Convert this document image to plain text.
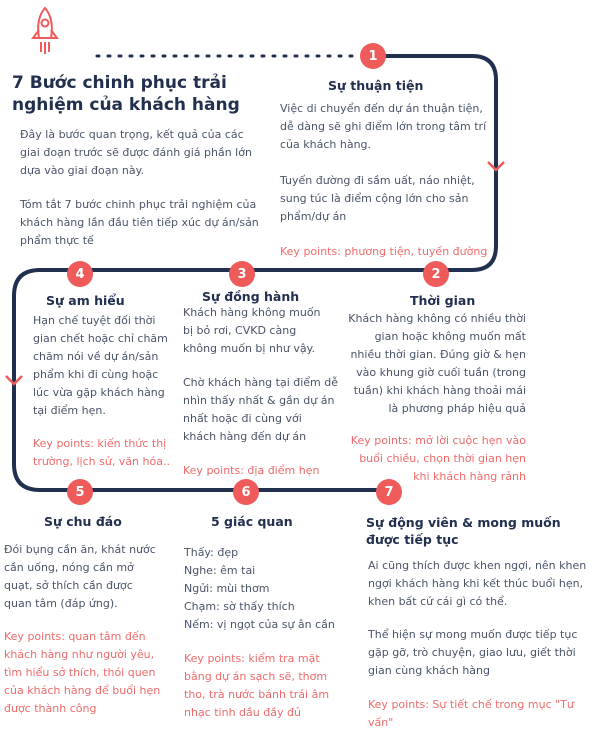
1
2
3
4
5	6	7
7 Bước chinh phục trải nghiệm của khách hàng
Đây là bước quan trọng, kết quả của các giai đoạn trước sẽ được đánh giá phần lớn dựa vào giai đoạn này.
Tóm tắt 7 bước chinh phục trải nghiệm của khách hàng lần đầu tiên tiếp xúc dự án/sản phẩm thực tế
Sự thuận tiện
Việc di chuyển đến dự án thuận tiện, dễ dàng sẽ ghi điểm lớn trong tâm trí của khách hàng.
Tuyến đường đi sầm uất, náo nhiệt, sung túc là điểm cộng lớn cho sản phẩm/dự án
Key points: phương tiện, tuyến đường
Sự am hiểu
Hạn chế tuyệt đối thời gian chết hoặc chỉ chăm chăm nói về dự án/sản phẩm khi đi cùng hoặc lúc vừa gặp khách hàng tại điểm hẹn.
Key points: kiến thức thị trường, lịch sử, văn hóa..
Sự đồng hành
Khách hàng không muốn bị bỏ rơi, CVKD càng không muốn bị như vậy.
Chờ khách hàng tại điểm dễ nhìn thấy nhất & gần dự án nhất hoặc đi cùng với khách hàng đến dự án
Key points: địa điểm hẹn
Thời gian
Khách hàng không có nhiều thời gian hoặc không muốn mất nhiều thời gian. Đúng giờ & hẹn vào khung giờ cuối tuần (trong tuần) khi khách hàng thoải mái là phương pháp hiệu quả
Key points: mở lời cuộc hẹn vào buổi chiều, chọn thời gian hẹn khi khách hàng rảnh
Sự chu đáo
Đói bụng cần ăn, khát nước cần uống, nóng cần mở quạt, sở thích cần được quan tâm (đáp ứng).
Key points: quan tâm đến khách hàng như người yêu, tìm hiểu sở thích, thói quen của khách hàng để buổi hẹn được thành công
5 giác quan
Thấy: đẹp
Nghe: êm tai
Ngửi: mùi thơm
Chạm: sờ thấy thích
Nếm: vị ngọt của sự ân cần
Key points: kiểm tra mặt bằng dự án sạch sẽ, thơm tho, trà nước bánh trái âm nhạc tinh dầu đầy đủ
Sự động viên & mong muốn được tiếp tục
Ai cũng thích được khen ngợi, nên khen ngợi khách hàng khi kết thúc buổi hẹn, khen bất cứ cái gì có thể.
Thể hiện sự mong muốn được tiếp tục gặp gỡ, trò chuyện, giao lưu, giết thời gian cùng khách hàng
Key points: Sự tiết chế trong mục "Tư vấn"
